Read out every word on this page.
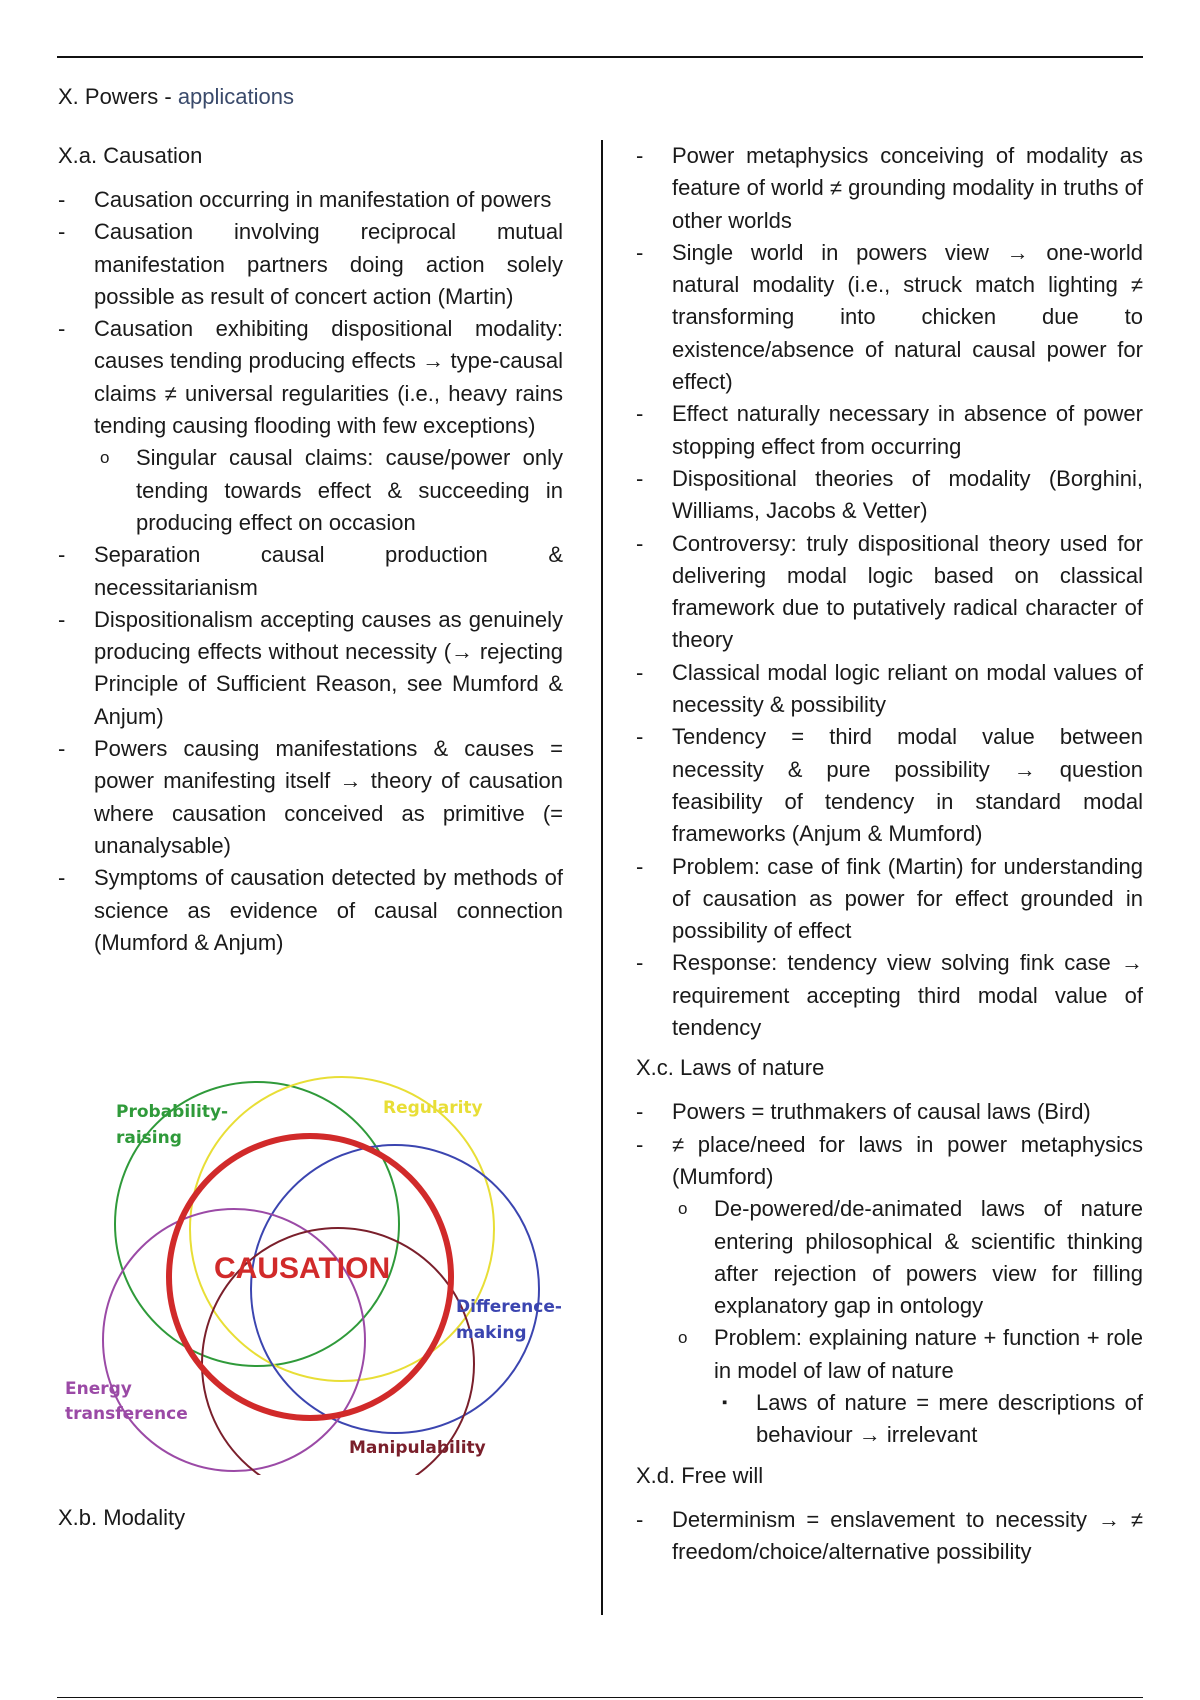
X. Powers - applications
X.a. Causation
- Causation occurring in manifestation of powers
- Causation involving reciprocal mutual manifestation partners doing action solely possible as result of concert action (Martin)
- Causation exhibiting dispositional modality: causes tending producing effects → type-causal claims ≠ universal regularities (i.e., heavy rains tending causing flooding with few exceptions)
o Singular causal claims: cause/power only tending towards effect & succeeding in producing effect on occasion
- Separation causal production & necessitarianism
- Dispositionalism accepting causes as genuinely producing effects without necessity (→ rejecting Principle of Sufficient Reason, see Mumford & Anjum)
- Powers causing manifestations & causes = power manifesting itself → theory of causation where causation conceived as primitive (= unanalysable)
- Symptoms of causation detected by methods of science as evidence of causal connection (Mumford & Anjum)
CAUSATION
Probability-
raising
Regularity
Difference-
making
Energy
transference
Manipulability
X.b. Modality
- Power metaphysics conceiving of modality as feature of world ≠ grounding modality in truths of other worlds
- Single world in powers view → one-world natural modality (i.e., struck match lighting ≠ transforming into chicken due to existence/absence of natural causal power for effect)
- Effect naturally necessary in absence of power stopping effect from occurring
- Dispositional theories of modality (Borghini, Williams, Jacobs & Vetter)
- Controversy: truly dispositional theory used for delivering modal logic based on classical framework due to putatively radical character of theory
- Classical modal logic reliant on modal values of necessity & possibility
- Tendency = third modal value between necessity & pure possibility → question feasibility of tendency in standard modal frameworks (Anjum & Mumford)
- Problem: case of fink (Martin) for understanding of causation as power for effect grounded in possibility of effect
- Response: tendency view solving fink case → requirement accepting third modal value of tendency
X.c. Laws of nature
- Powers = truthmakers of causal laws (Bird)
- ≠ place/need for laws in power metaphysics (Mumford)
o De-powered/de-animated laws of nature entering philosophical & scientific thinking after rejection of powers view for filling explanatory gap in ontology
o Problem: explaining nature + function + role in model of law of nature
▪ Laws of nature = mere descriptions of behaviour → irrelevant
X.d. Free will
- Determinism = enslavement to necessity → ≠ freedom/choice/alternative possibility
